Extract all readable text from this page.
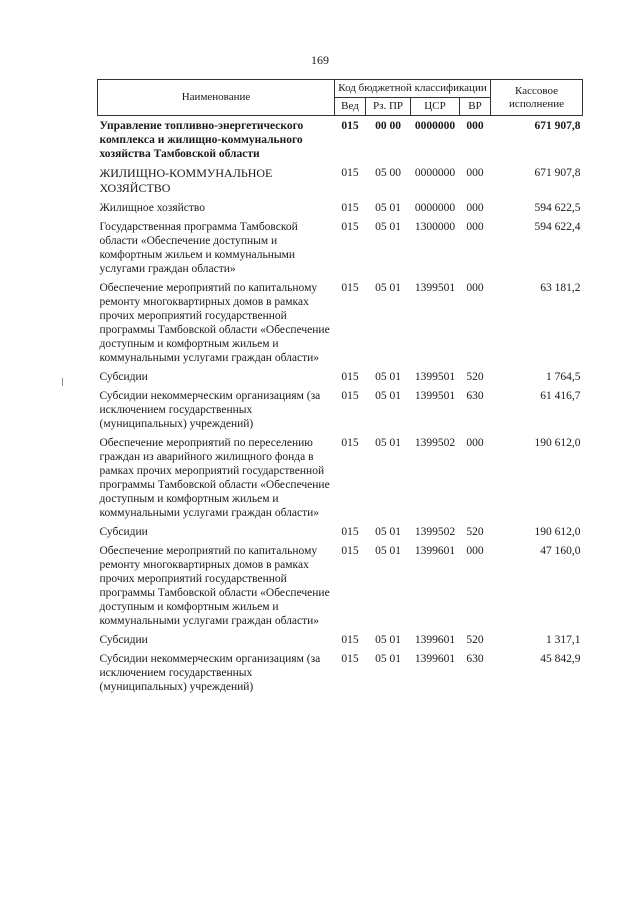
169
Наименование	Код бюджетной классификации				Кассовое исполнение
	Вед	Рз. ПР	ЦСР	ВР	
Управление топливно-энергетического комплекса и жилищно-коммунального хозяйства Тамбовской области	015	00 00	0000000	000	671 907,8
ЖИЛИЩНО-КОММУНАЛЬНОЕ ХОЗЯЙСТВО	015	05 00	0000000	000	671 907,8
Жилищное хозяйство	015	05 01	0000000	000	594 622,5
Государственная программа Тамбовской области «Обеспечение доступным и комфортным жильем и коммунальными услугами граждан области»	015	05 01	1300000	000	594 622,4
Обеспечение мероприятий по капитальному ремонту многоквартирных домов в рамках прочих мероприятий государственной программы Тамбовской области «Обеспечение доступным и комфортным жильем и коммунальными услугами граждан области»	015	05 01	1399501	000	63 181,2
Субсидии	015	05 01	1399501	520	1 764,5
Субсидии некоммерческим организациям (за исключением государственных (муниципальных) учреждений)	015	05 01	1399501	630	61 416,7
Обеспечение мероприятий по переселению граждан из аварийного жилищного фонда в рамках прочих мероприятий государственной программы Тамбовской области «Обеспечение доступным и комфортным жильем и коммунальными услугами граждан области»	015	05 01	1399502	000	190 612,0
Субсидии	015	05 01	1399502	520	190 612,0
Обеспечение мероприятий по капитальному ремонту многоквартирных домов в рамках прочих мероприятий государственной программы Тамбовской области «Обеспечение доступным и комфортным жильем и коммунальными услугами граждан области»	015	05 01	1399601	000	47 160,0
Субсидии	015	05 01	1399601	520	1 317,1
Субсидии некоммерческим организациям (за исключением государственных (муниципальных) учреждений)	015	05 01	1399601	630	45 842,9
